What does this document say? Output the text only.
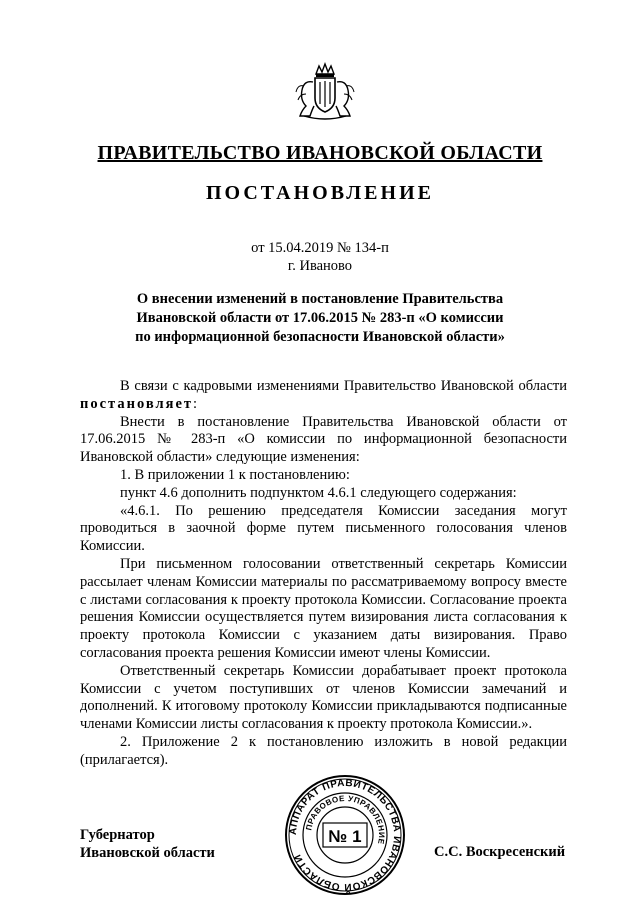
ПРАВИТЕЛЬСТВО ИВАНОВСКОЙ ОБЛАСТИ
ПОСТАНОВЛЕНИЕ
от 15.04.2019 № 134-п
г. Иваново
О внесении изменений в постановление Правительства
Ивановской области от 17.06.2015 № 283-п «О комиссии
по информационной безопасности Ивановской области»

В связи с кадровыми изменениями Правительство Ивановской области постановляет:

Внести в постановление Правительства Ивановской области от 17.06.2015 № 283-п «О комиссии по информационной безопасности Ивановской области» следующие изменения:

1. В приложении 1 к постановлению:

пункт 4.6 дополнить подпунктом 4.6.1 следующего содержания:

«4.6.1. По решению председателя Комиссии заседания могут проводиться в заочной форме путем письменного голосования членов Комиссии.

При письменном голосовании ответственный секретарь Комиссии рассылает членам Комиссии материалы по рассматриваемому вопросу вместе с листами согласования к проекту протокола Комиссии. Согласование проекта решения Комиссии осуществляется путем визирования листа согласования к проекту протокола Комиссии с указанием даты визирования. Право согласования проекта решения Комиссии имеют члены Комиссии.

Ответственный секретарь Комиссии дорабатывает проект протокола Комиссии с учетом поступивших от членов Комиссии замечаний и дополнений. К итоговому протоколу Комиссии прикладываются подписанные членами Комиссии листы согласования к проекту протокола Комиссии.».

2. Приложение 2 к постановлению изложить в новой редакции (прилагается).

Губернатор
Ивановской области	С.С. Воскресенский
АППАРАТ ПРАВИТЕЛЬСТВА ИВАНОВСКОЙ ОБЛАСТИ
ПРАВОВОЕ УПРАВЛЕНИЕ
№ 1
